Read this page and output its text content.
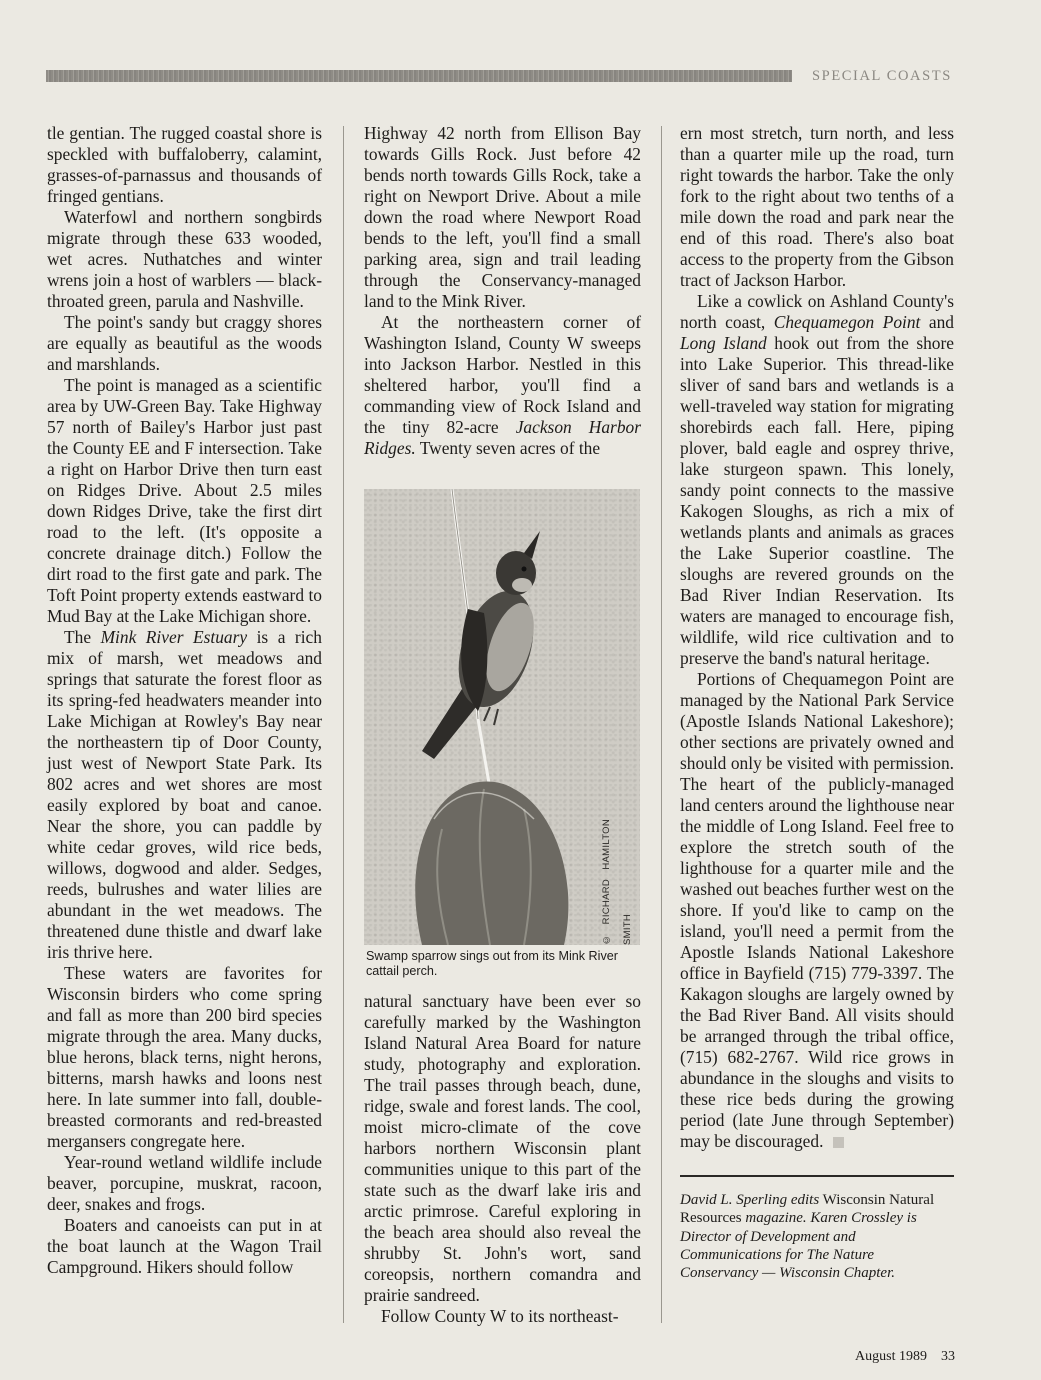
SPECIAL COASTS

tle gentian. The rugged coastal shore is speckled with buffaloberry, calamint, grasses-of-parnassus and thousands of fringed gentians.

Waterfowl and northern songbirds migrate through these 633 wooded, wet acres. Nuthatches and winter wrens join a host of warblers — black-throated green, parula and Nashville.

The point's sandy but craggy shores are equally as beautiful as the woods and marshlands.

The point is managed as a scientific area by UW-Green Bay. Take Highway 57 north of Bailey's Harbor just past the County EE and F intersection. Take a right on Harbor Drive then turn east on Ridges Drive. About 2.5 miles down Ridges Drive, take the first dirt road to the left. (It's opposite a concrete drainage ditch.) Follow the dirt road to the first gate and park. The Toft Point property extends eastward to Mud Bay at the Lake Michigan shore.

The Mink River Estuary is a rich mix of marsh, wet meadows and springs that saturate the forest floor as its spring-fed headwaters meander into Lake Michigan at Rowley's Bay near the northeastern tip of Door County, just west of Newport State Park. Its 802 acres and wet shores are most easily explored by boat and canoe. Near the shore, you can paddle by white cedar groves, wild rice beds, willows, dogwood and alder. Sedges, reeds, bulrushes and water lilies are abundant in the wet meadows. The threatened dune thistle and dwarf lake iris thrive here.

These waters are favorites for Wisconsin birders who come spring and fall as more than 200 bird species migrate through the area. Many ducks, blue herons, black terns, night herons, bitterns, marsh hawks and loons nest here. In late summer into fall, double-breasted cormorants and red-breasted mergansers congregate here.

Year-round wetland wildlife include beaver, porcupine, muskrat, racoon, deer, snakes and frogs.

Boaters and canoeists can put in at the boat launch at the Wagon Trail Campground. Hikers should follow

Highway 42 north from Ellison Bay towards Gills Rock. Just before 42 bends north towards Gills Rock, take a right on Newport Drive. About a mile down the road where Newport Road bends to the left, you'll find a small parking area, sign and trail leading through the Conservancy-managed land to the Mink River.

At the northeastern corner of Washington Island, County W sweeps into Jackson Harbor. Nestled in this sheltered harbor, you'll find a commanding view of Rock Island and the tiny 82-acre Jackson Harbor Ridges. Twenty seven acres of the

© RICHARD HAMILTON SMITH
Swamp sparrow sings out from its Mink River cattail perch.

natural sanctuary have been ever so carefully marked by the Washington Island Natural Area Board for nature study, photography and exploration. The trail passes through beach, dune, ridge, swale and forest lands. The cool, moist micro-climate of the cove harbors northern Wisconsin plant communities unique to this part of the state such as the dwarf lake iris and arctic primrose. Careful exploring in the beach area should also reveal the shrubby St. John's wort, sand coreopsis, northern comandra and prairie sandreed.

Follow County W to its northeast-

ern most stretch, turn north, and less than a quarter mile up the road, turn right towards the harbor. Take the only fork to the right about two tenths of a mile down the road and park near the end of this road. There's also boat access to the property from the Gibson tract of Jackson Harbor.

Like a cowlick on Ashland County's north coast, Chequamegon Point and Long Island hook out from the shore into Lake Superior. This thread-like sliver of sand bars and wetlands is a well-traveled way station for migrating shorebirds each fall. Here, piping plover, bald eagle and osprey thrive, lake sturgeon spawn. This lonely, sandy point connects to the massive Kakogen Sloughs, as rich a mix of wetlands plants and animals as graces the Lake Superior coastline. The sloughs are revered grounds on the Bad River Indian Reservation. Its waters are managed to encourage fish, wildlife, wild rice cultivation and to preserve the band's natural heritage.

Portions of Chequamegon Point are managed by the National Park Service (Apostle Islands National Lakeshore); other sections are privately owned and should only be visited with permission. The heart of the publicly-managed land centers around the lighthouse near the middle of Long Island. Feel free to explore the stretch south of the lighthouse for a quarter mile and the washed out beaches further west on the shore. If you'd like to camp on the island, you'll need a permit from the Apostle Islands National Lakeshore office in Bayfield (715) 779-3397. The Kakagon sloughs are largely owned by the Bad River Band. All visits should be arranged through the tribal office, (715) 682-2767. Wild rice grows in abundance in the sloughs and visits to these rice beds during the growing period (late June through September) may be discouraged.

David L. Sperling edits Wisconsin Natural Resources magazine. Karen Crossley is Director of Development and Communications for The Nature Conservancy — Wisconsin Chapter.

August 1989 33
